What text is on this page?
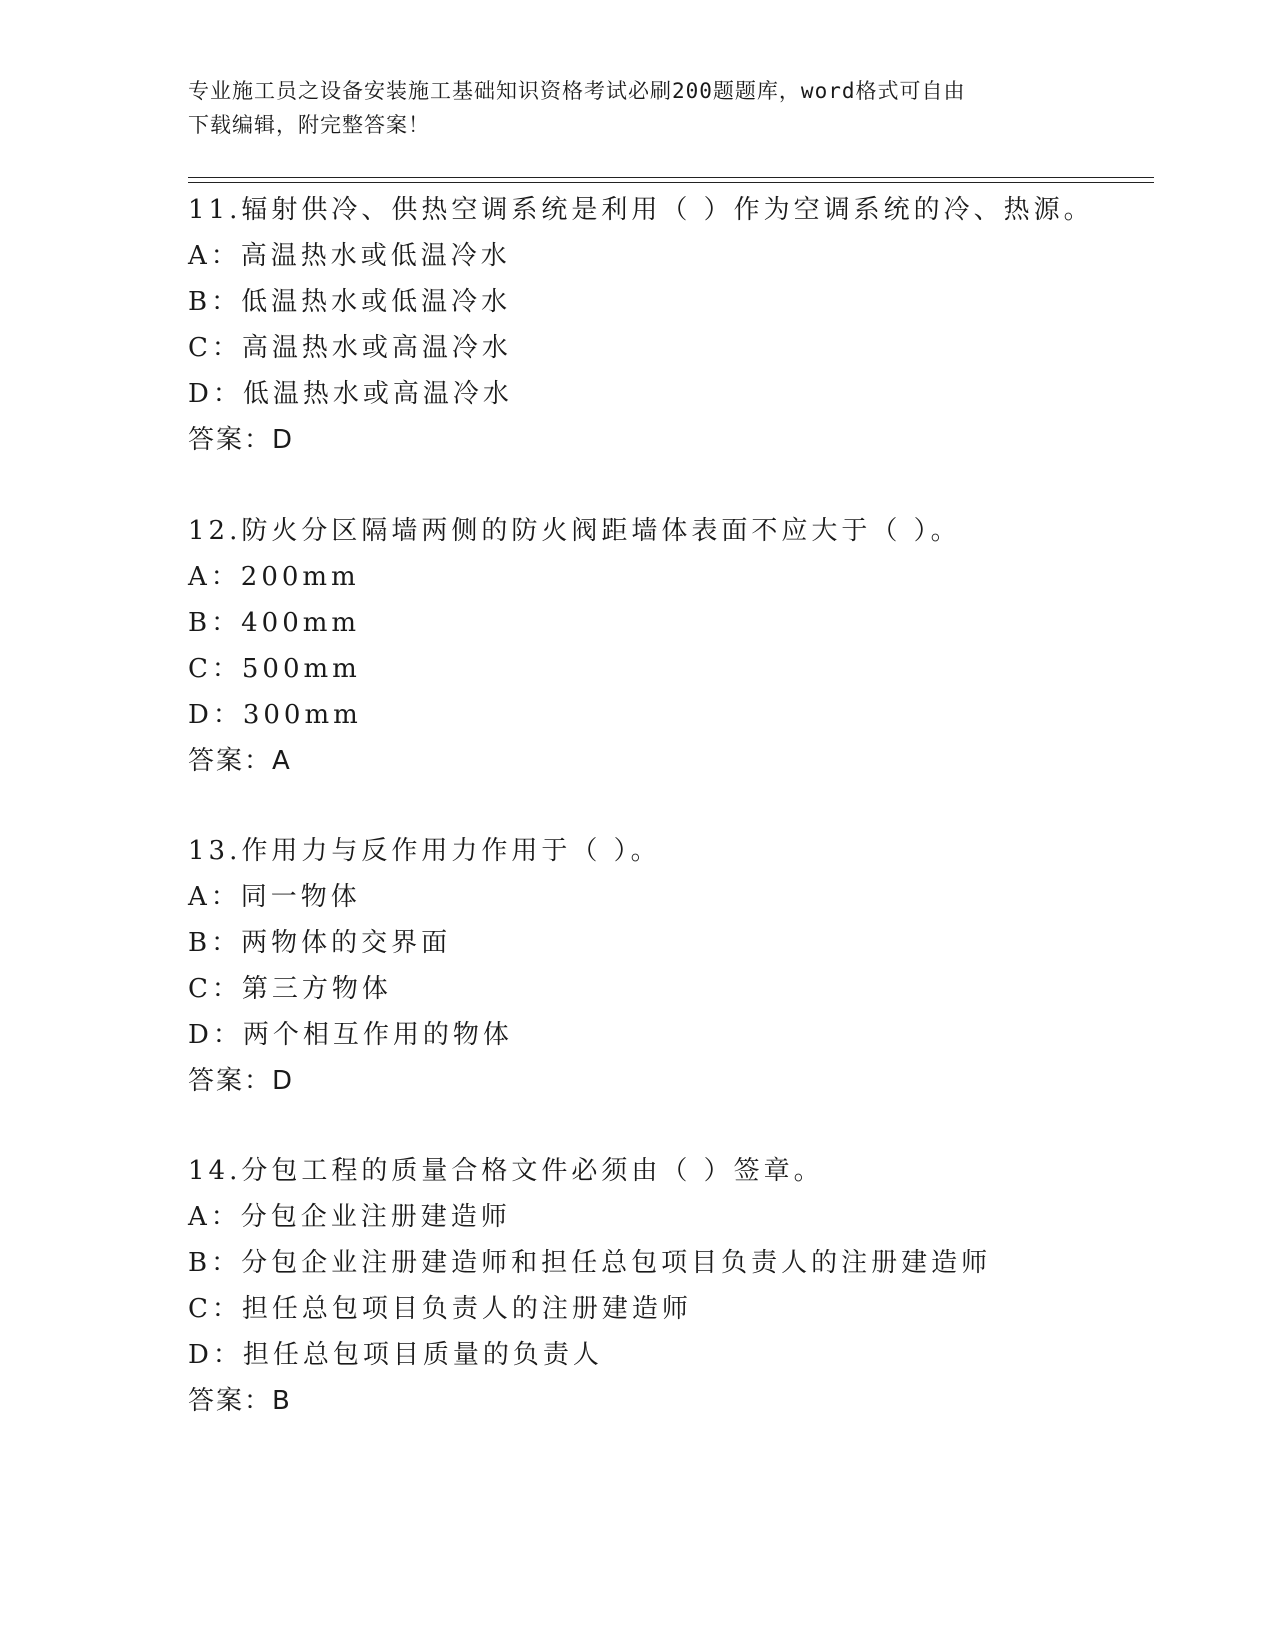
专业施工员之设备安装施工基础知识资格考试必刷200题题库，word格式可自由
下载编辑，附完整答案！
11.辐射供冷、供热空调系统是利用（ ）作为空调系统的冷、热源。
A：高温热水或低温冷水
B：低温热水或低温冷水
C：高温热水或高温冷水
D：低温热水或高温冷水
答案：D
12.防火分区隔墙两侧的防火阀距墙体表面不应大于（ ）。
A：200mm
B：400mm
C：500mm
D：300mm
答案：A
13.作用力与反作用力作用于（ ）。
A：同一物体
B：两物体的交界面
C：第三方物体
D：两个相互作用的物体
答案：D
14.分包工程的质量合格文件必须由（ ）签章。
A：分包企业注册建造师
B：分包企业注册建造师和担任总包项目负责人的注册建造师
C：担任总包项目负责人的注册建造师
D：担任总包项目质量的负责人
答案：B
